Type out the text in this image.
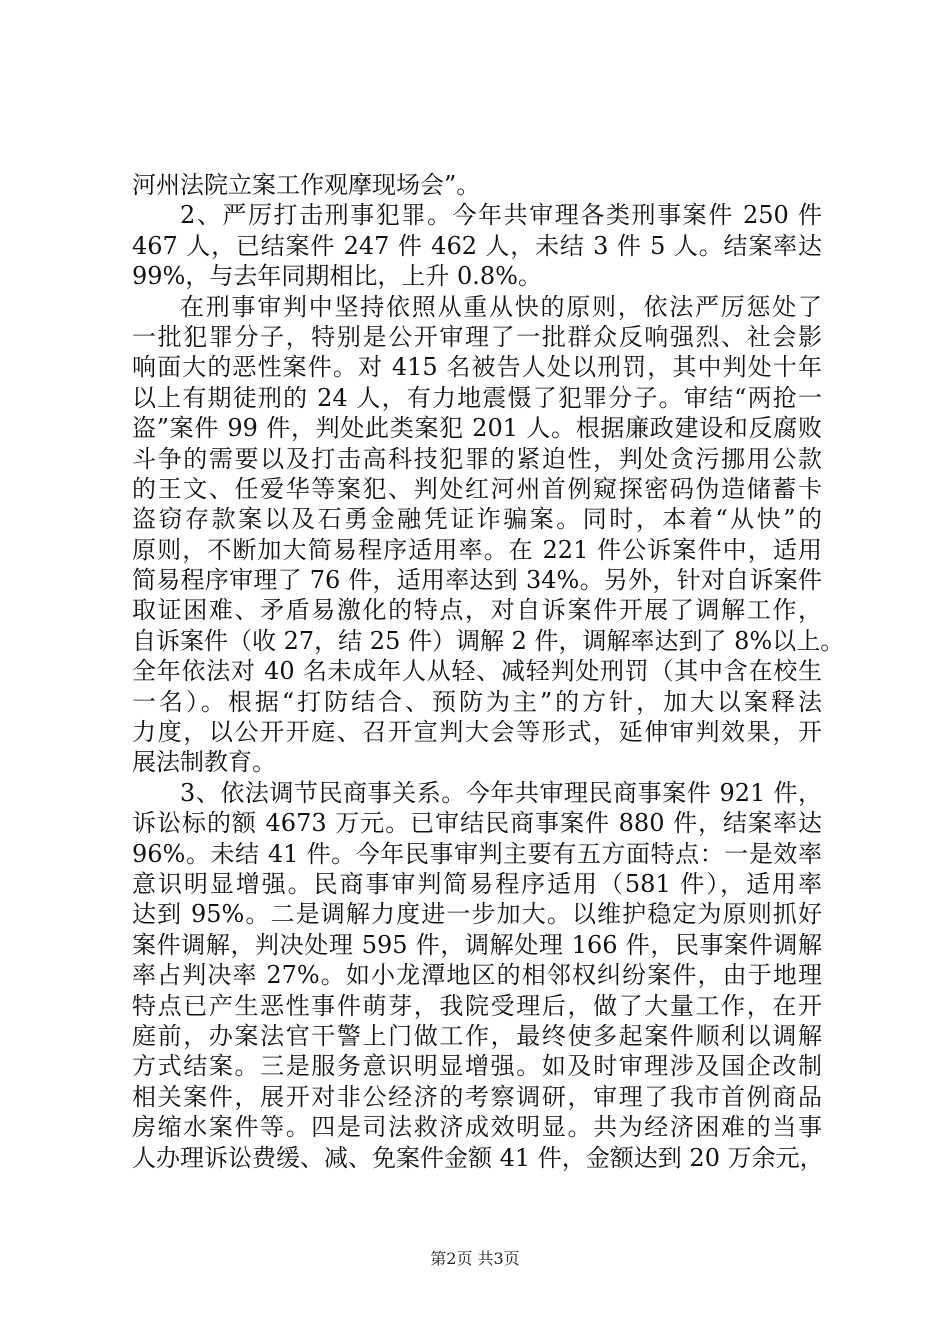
河州法院立案工作观摩现场会”。
2、严厉打击刑事犯罪。今年共审理各类刑事案件 250 件
467 人，已结案件 247 件 462 人，未结 3 件 5 人。结案率达
99%，与去年同期相比，上升 0.8%。
在刑事审判中坚持依照从重从快的原则，依法严厉惩处了
一批犯罪分子，特别是公开审理了一批群众反响强烈、社会影
响面大的恶性案件。对 415 名被告人处以刑罚，其中判处十年
以上有期徒刑的 24 人，有力地震慑了犯罪分子。审结“两抢一
盗”案件 99 件，判处此类案犯 201 人。根据廉政建设和反腐败
斗争的需要以及打击高科技犯罪的紧迫性，判处贪污挪用公款
的王文、任爱华等案犯、判处红河州首例窥探密码伪造储蓄卡
盗窃存款案以及石勇金融凭证诈骗案。同时，本着“从快”的
原则，不断加大简易程序适用率。在 221 件公诉案件中，适用
简易程序审理了 76 件，适用率达到 34%。另外，针对自诉案件
取证困难、矛盾易激化的特点，对自诉案件开展了调解工作，
自诉案件（收 27，结 25 件）调解 2 件，调解率达到了 8%以上。
全年依法对 40 名未成年人从轻、减轻判处刑罚（其中含在校生
一名）。根据“打防结合、预防为主”的方针，加大以案释法
力度，以公开开庭、召开宣判大会等形式，延伸审判效果，开
展法制教育。
3、依法调节民商事关系。今年共审理民商事案件 921 件，
诉讼标的额 4673 万元。已审结民商事案件 880 件，结案率达
96%。未结 41 件。今年民事审判主要有五方面特点：一是效率
意识明显增强。民商事审判简易程序适用（581 件），适用率
达到 95%。二是调解力度进一步加大。以维护稳定为原则抓好
案件调解，判决处理 595 件，调解处理 166 件，民事案件调解
率占判决率 27%。如小龙潭地区的相邻权纠纷案件，由于地理
特点已产生恶性事件萌芽，我院受理后，做了大量工作，在开
庭前，办案法官干警上门做工作，最终使多起案件顺利以调解
方式结案。三是服务意识明显增强。如及时审理涉及国企改制
相关案件，展开对非公经济的考察调研，审理了我市首例商品
房缩水案件等。四是司法救济成效明显。共为经济困难的当事
人办理诉讼费缓、减、免案件金额 41 件，金额达到 20 万余元，
第2页 共3页
